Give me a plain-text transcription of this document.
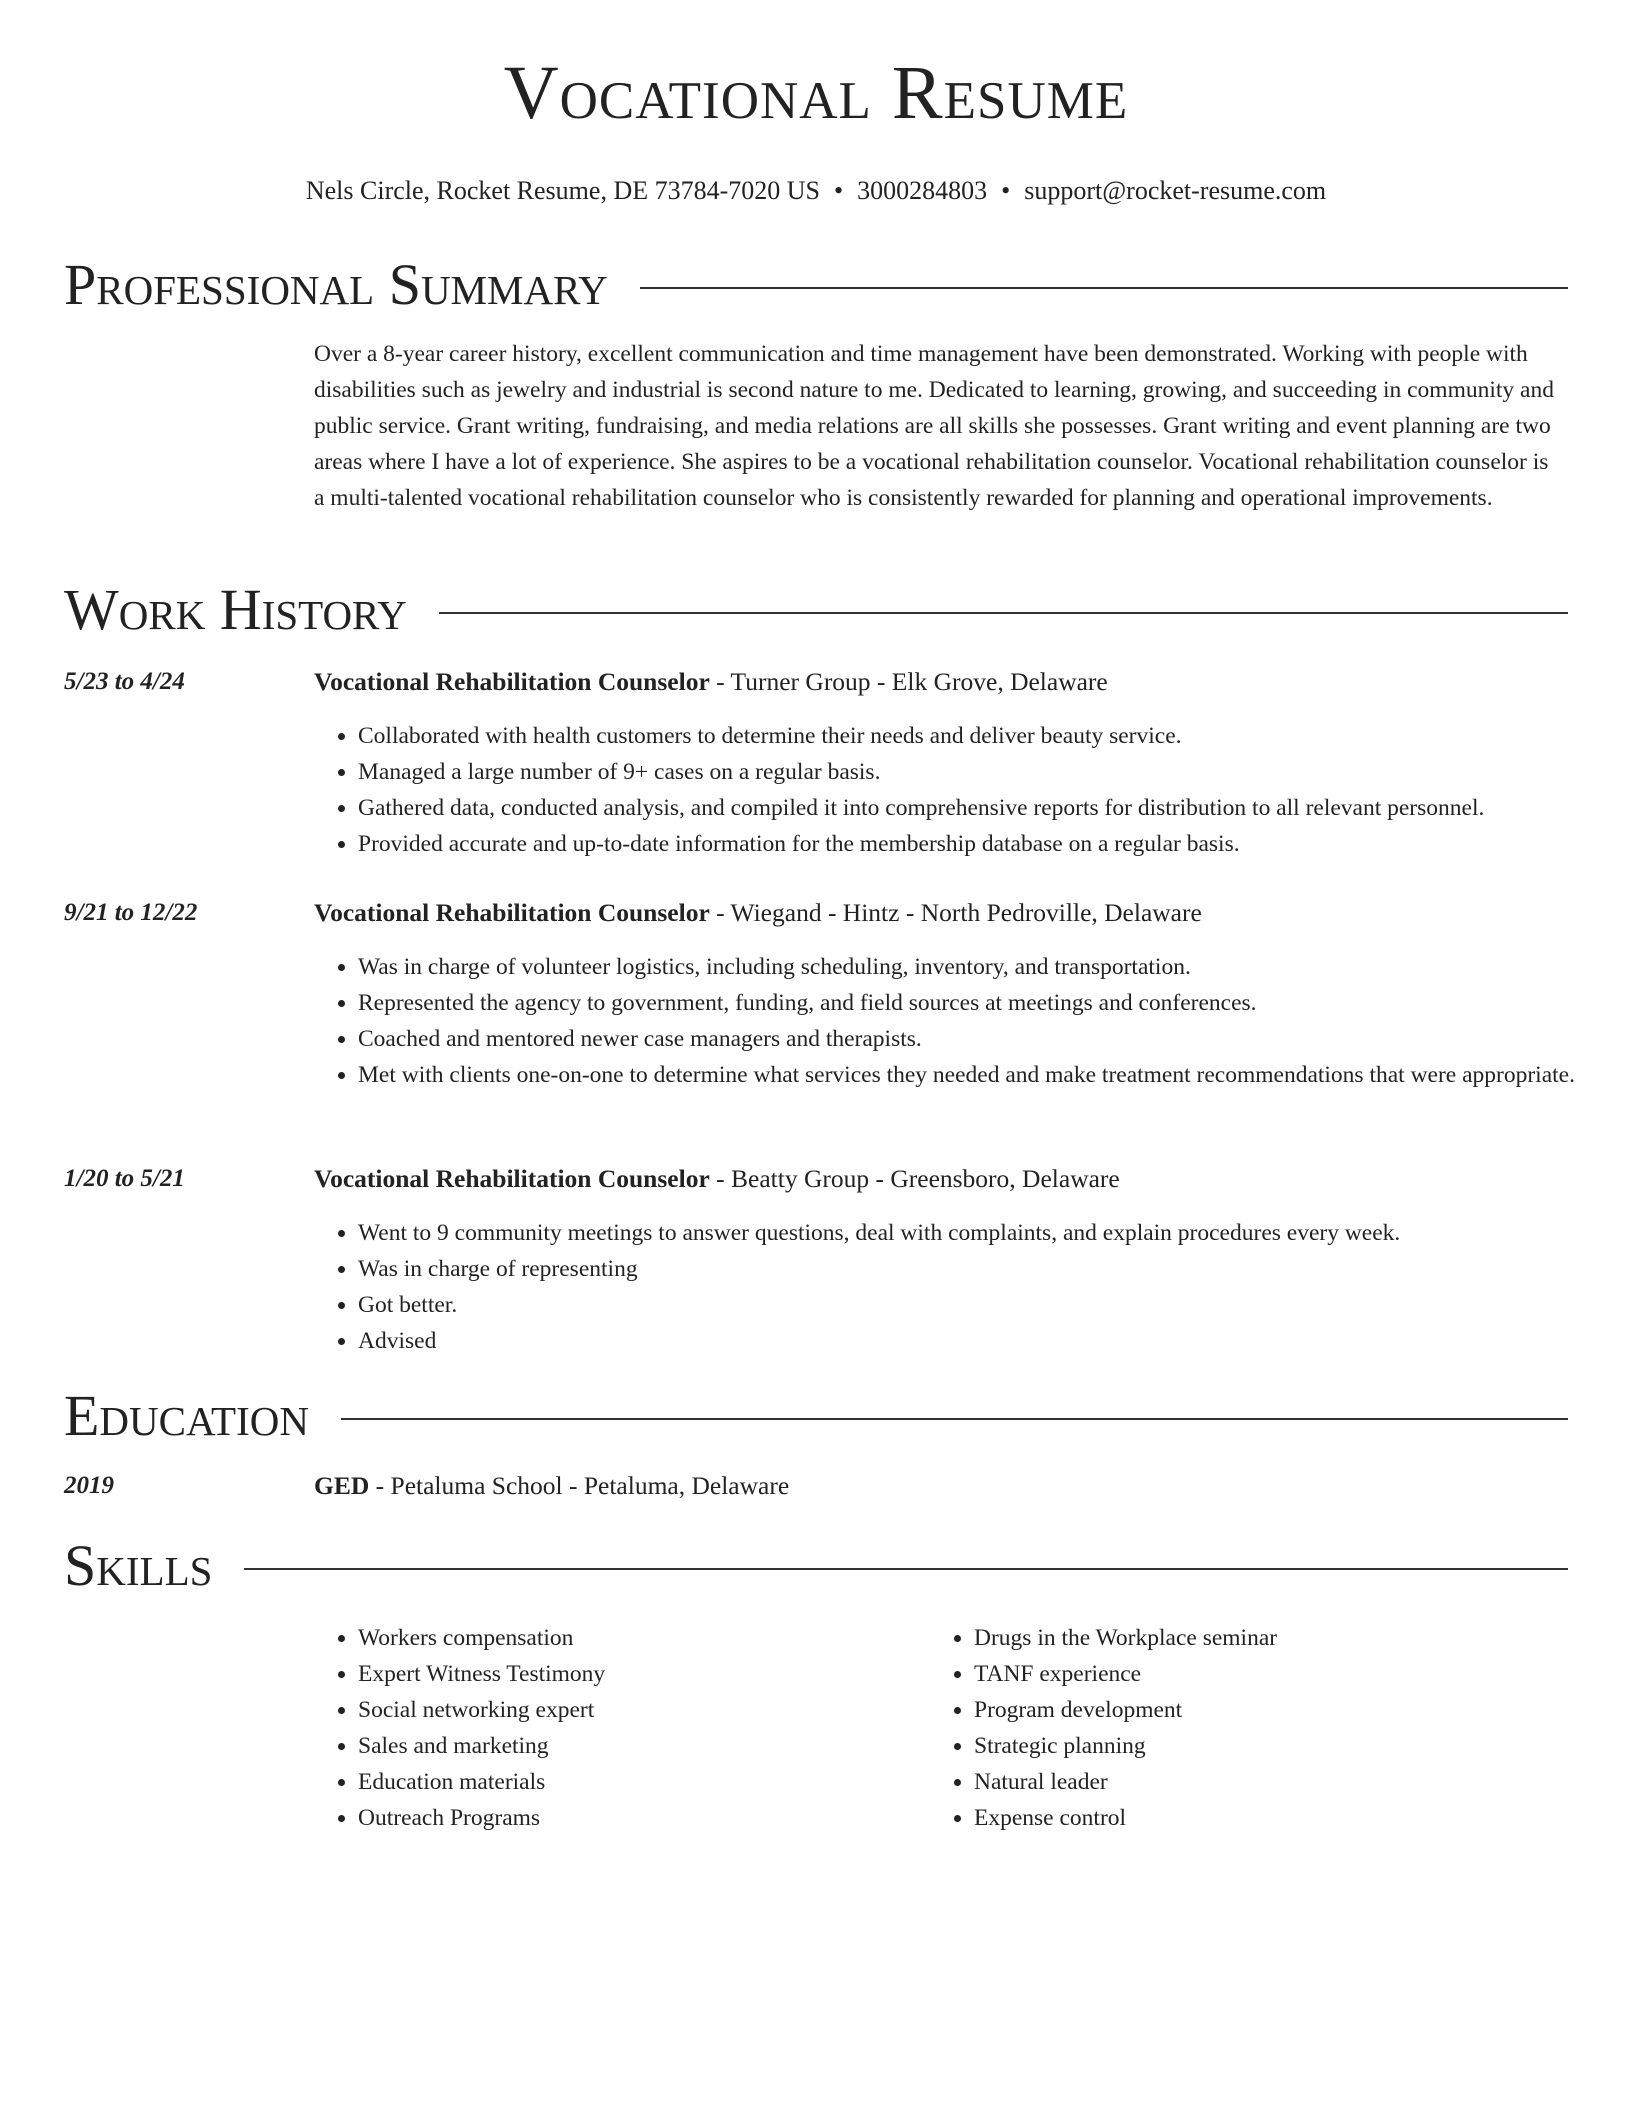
Vocational Resume
Nels Circle, Rocket Resume, DE 73784-7020 US • 3000284803 • support@rocket-resume.com
Professional Summary

Over a 8-year career history, excellent communication and time management have been demonstrated. Working with people with disabilities such as jewelry and industrial is second nature to me. Dedicated to learning, growing, and succeeding in community and public service. Grant writing, fundraising, and media relations are all skills she possesses. Grant writing and event planning are two areas where I have a lot of experience. She aspires to be a vocational rehabilitation counselor. Vocational rehabilitation counselor is a multi-talented vocational rehabilitation counselor who is consistently rewarded for planning and operational improvements.

Work History
5/23 to 4/24	Vocational Rehabilitation Counselor - Turner Group - Elk Grove, Delaware
• Collaborated with health customers to determine their needs and deliver beauty service.
• Managed a large number of 9+ cases on a regular basis.
• Gathered data, conducted analysis, and compiled it into comprehensive reports for distribution to all relevant personnel.
• Provided accurate and up-to-date information for the membership database on a regular basis.
9/21 to 12/22	Vocational Rehabilitation Counselor - Wiegand - Hintz - North Pedroville, Delaware
• Was in charge of volunteer logistics, including scheduling, inventory, and transportation.
• Represented the agency to government, funding, and field sources at meetings and conferences.
• Coached and mentored newer case managers and therapists.
• Met with clients one-on-one to determine what services they needed and make treatment recommendations that were appropriate.
1/20 to 5/21	Vocational Rehabilitation Counselor - Beatty Group - Greensboro, Delaware
• Went to 9 community meetings to answer questions, deal with complaints, and explain procedures every week.
• Was in charge of representing
• Got better.
• Advised
Education
2019	GED - Petaluma School - Petaluma, Delaware
Skills
• Workers compensation
• Expert Witness Testimony
• Social networking expert
• Sales and marketing
• Education materials
• Outreach Programs
• Drugs in the Workplace seminar
• TANF experience
• Program development
• Strategic planning
• Natural leader
• Expense control
